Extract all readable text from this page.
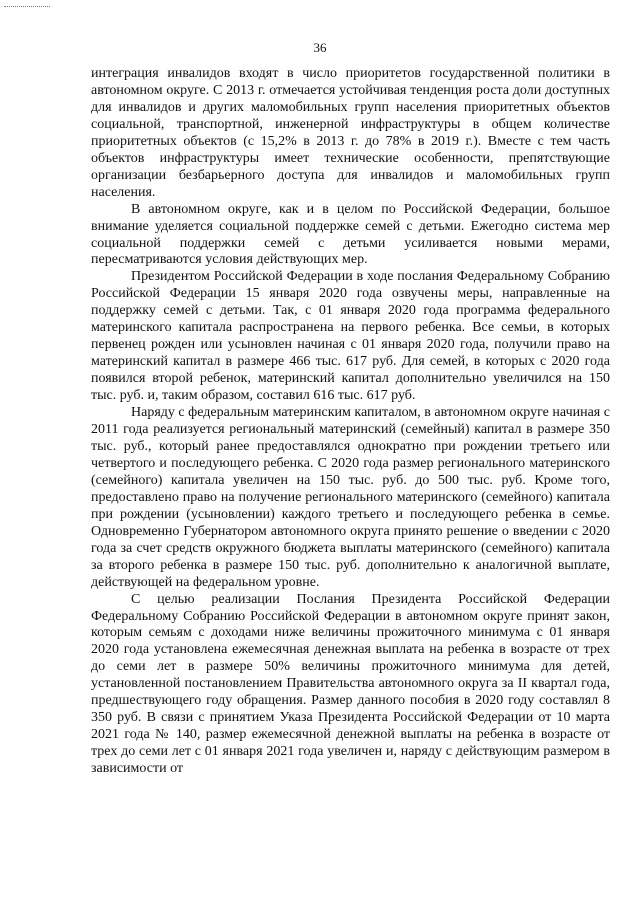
36

интеграция инвалидов входят в число приоритетов государственной политики в автономном округе. С 2013 г. отмечается устойчивая тенденция роста доли доступных для инвалидов и других маломобильных групп населения приоритетных объектов социальной, транспортной, инженерной инфраструктуры в общем количестве приоритетных объектов (с 15,2% в 2013 г. до 78% в 2019 г.). Вместе с тем часть объектов инфраструктуры имеет технические особенности, препятствующие организации безбарьерного доступа для инвалидов и маломобильных групп населения.

В автономном округе, как и в целом по Российской Федерации, большое внимание уделяется социальной поддержке семей с детьми. Ежегодно система мер социальной поддержки семей с детьми усиливается новыми мерами, пересматриваются условия действующих мер.

Президентом Российской Федерации в ходе послания Федеральному Собранию Российской Федерации 15 января 2020 года озвучены меры, направленные на поддержку семей с детьми. Так, с 01 января 2020 года программа федерального материнского капитала распространена на первого ребенка. Все семьи, в которых первенец рожден или усыновлен начиная с 01 января 2020 года, получили право на материнский капитал в размере 466 тыс. 617 руб. Для семей, в которых с 2020 года появился второй ребенок, материнский капитал дополнительно увеличился на 150 тыс. руб. и, таким образом, составил 616 тыс. 617 руб.

Наряду с федеральным материнским капиталом, в автономном округе начиная с 2011 года реализуется региональный материнский (семейный) капитал в размере 350 тыс. руб., который ранее предоставлялся однократно при рождении третьего или четвертого и последующего ребенка. С 2020 года размер регионального материнского (семейного) капитала увеличен на 150 тыс. руб. до 500 тыс. руб. Кроме того, предоставлено право на получение регионального материнского (семейного) капитала при рождении (усыновлении) каждого третьего и последующего ребенка в семье. Одновременно Губернатором автономного округа принято решение о введении с 2020 года за счет средств окружного бюджета выплаты материнского (семейного) капитала за второго ребенка в размере 150 тыс. руб. дополнительно к аналогичной выплате, действующей на федеральном уровне.

С целью реализации Послания Президента Российской Федерации Федеральному Собранию Российской Федерации в автономном округе принят закон, которым семьям с доходами ниже величины прожиточного минимума с 01 января 2020 года установлена ежемесячная денежная выплата на ребенка в возрасте от трех до семи лет в размере 50% величины прожиточного минимума для детей, установленной постановлением Правительства автономного округа за II квартал года, предшествующего году обращения. Размер данного пособия в 2020 году составлял 8 350 руб. В связи с принятием Указа Президента Российской Федерации от 10 марта 2021 года № 140, размер ежемесячной денежной выплаты на ребенка в возрасте от трех до семи лет с 01 января 2021 года увеличен и, наряду с действующим размером в зависимости от
